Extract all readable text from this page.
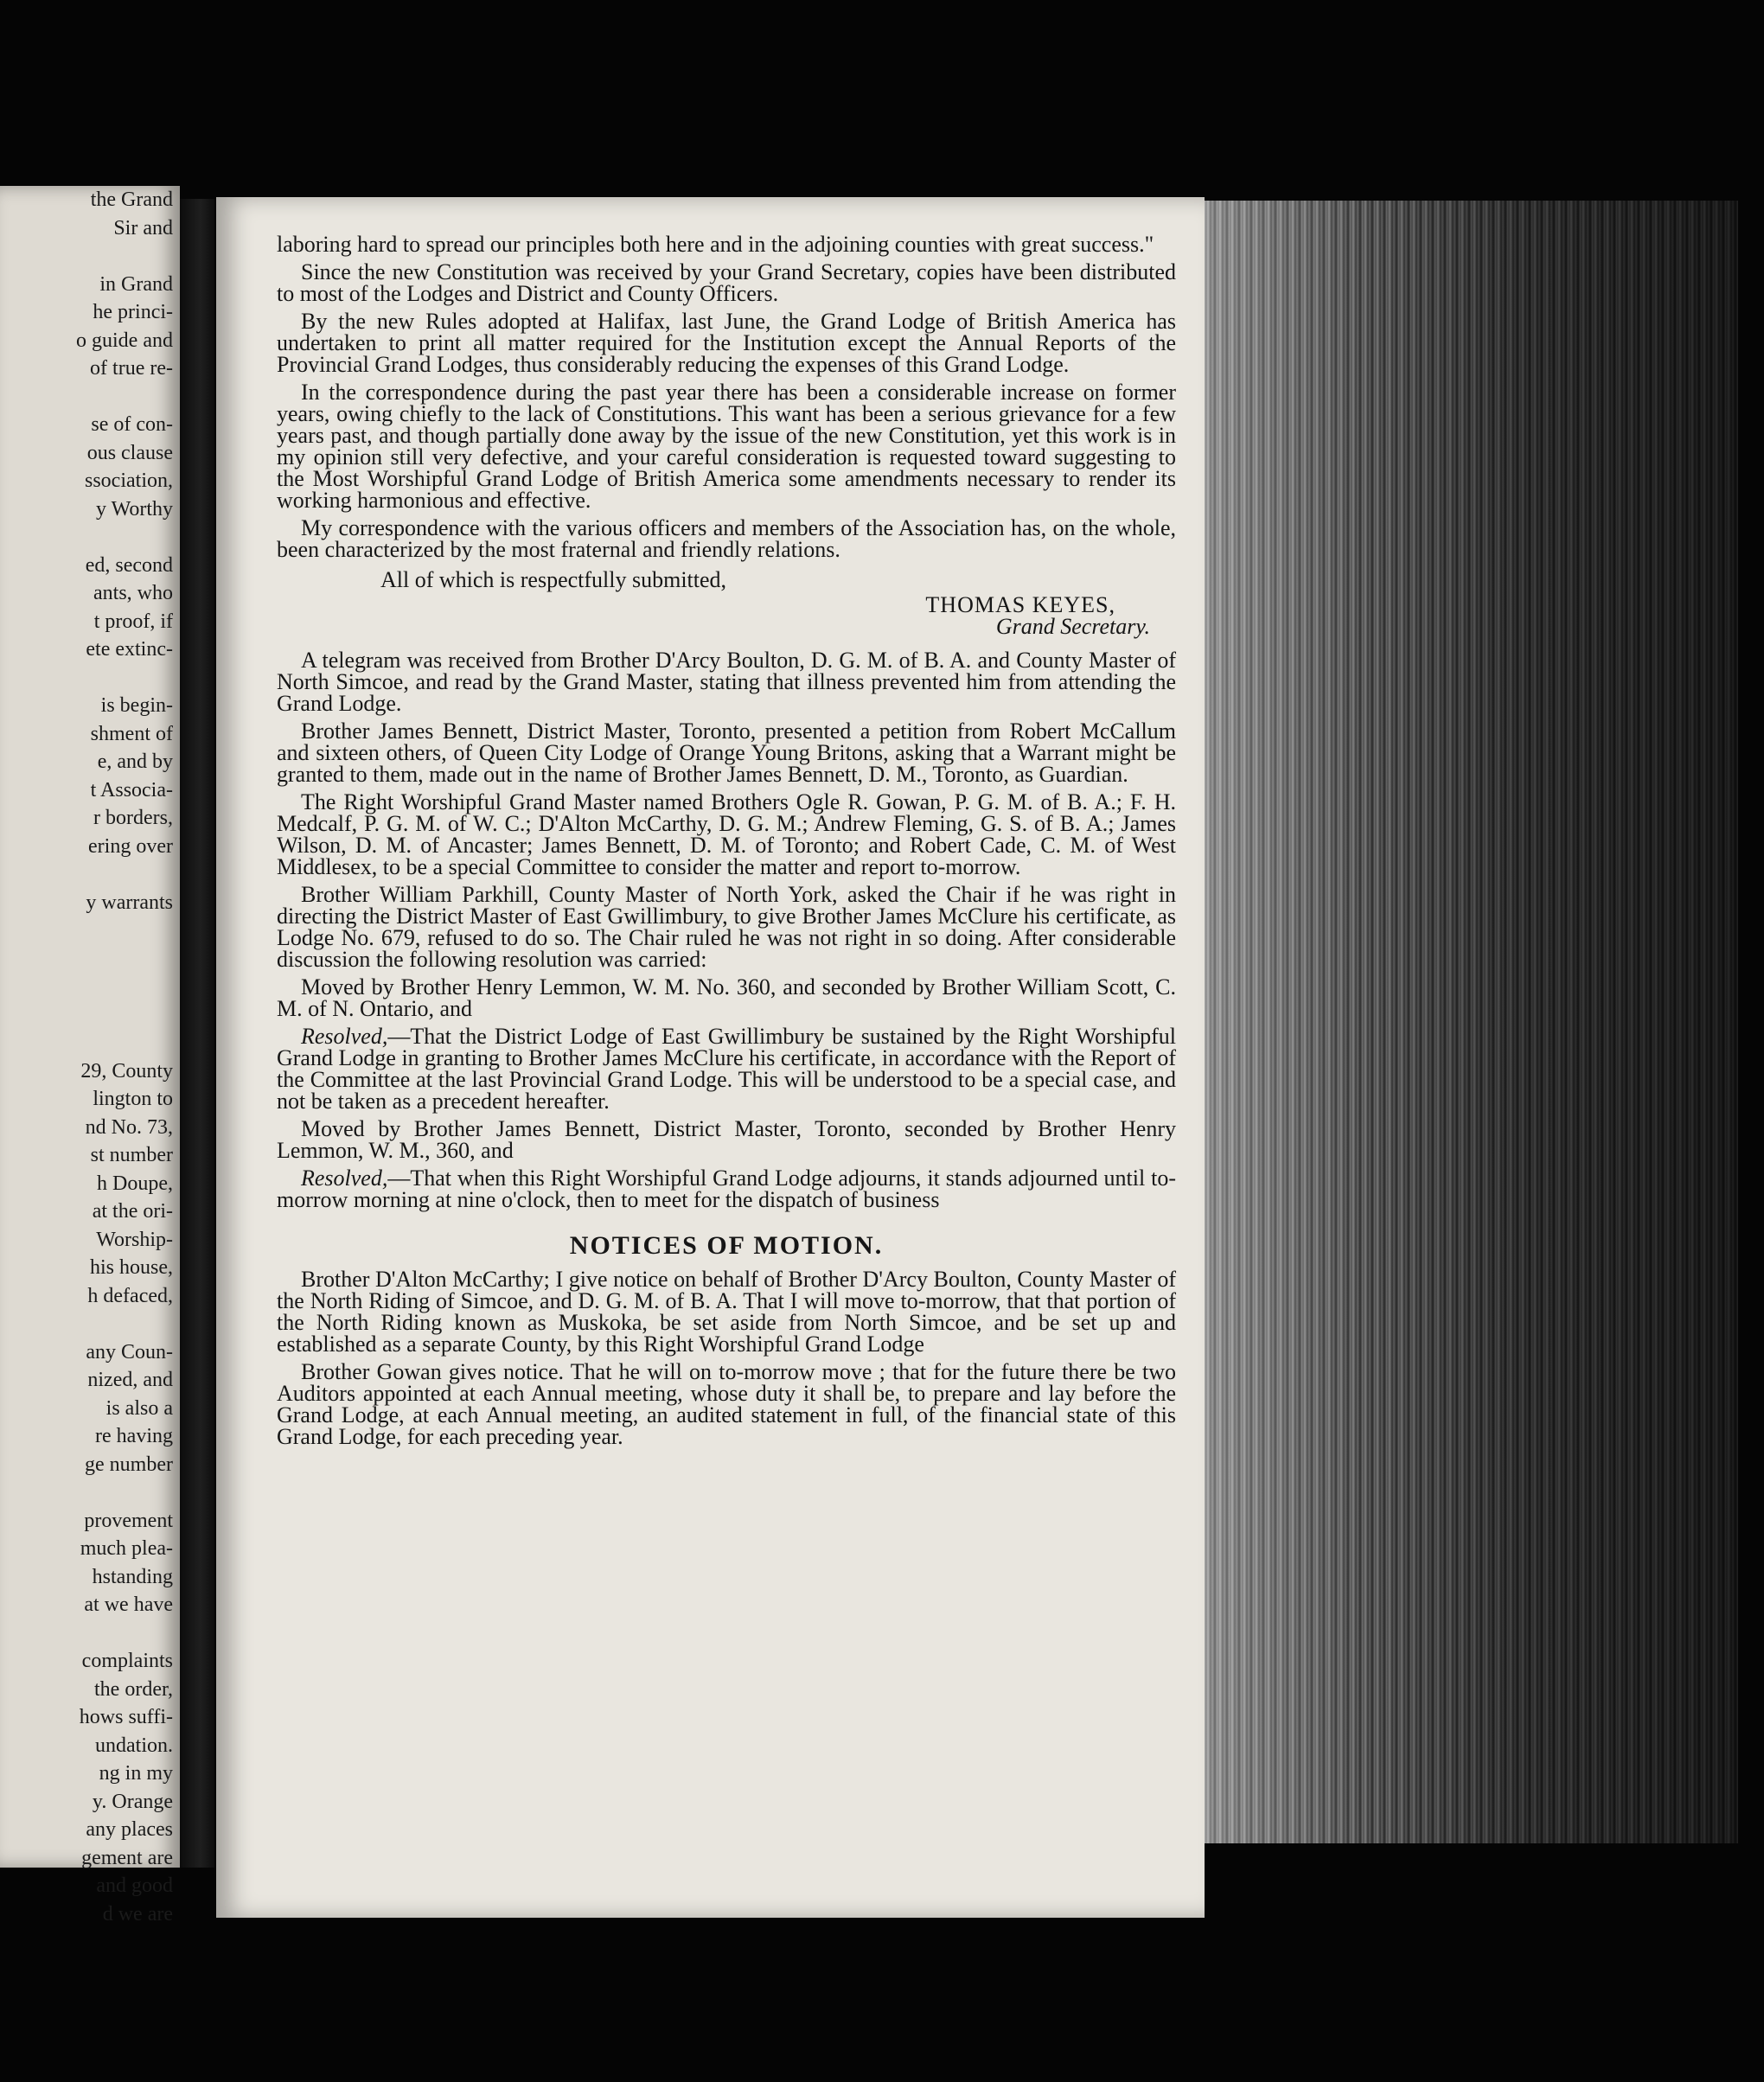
the Grand
Sir and
in Grand
he princi-
o guide and
of true re-
se of con-
ous clause
ssociation,
y Worthy
ed, second
ants, who
t proof, if
ete extinc-
is begin-
shment of
e, and by
t Associa-
r borders,
ering over
y warrants
29, County
lington to
nd No. 73,
st number
h Doupe,
at the ori-
Worship-
his house,
h defaced,
any Coun-
nized, and
is also a
re having
ge number
provement
much plea-
hstanding
at we have
complaints
the order,
hows suffi-
undation.
ng in my
y. Orange
any places
gement are
and good
d we are

laboring hard to spread our principles both here and in the adjoining counties with great success."

Since the new Constitution was received by your Grand Secretary, copies have been distributed to most of the Lodges and District and County Officers.

By the new Rules adopted at Halifax, last June, the Grand Lodge of British America has undertaken to print all matter required for the Institution except the Annual Reports of the Provincial Grand Lodges, thus considerably reducing the expenses of this Grand Lodge.

In the correspondence during the past year there has been a considerable increase on former years, owing chiefly to the lack of Constitutions. This want has been a serious grievance for a few years past, and though partially done away by the issue of the new Constitution, yet this work is in my opinion still very defective, and your careful consideration is requested toward suggesting to the Most Worshipful Grand Lodge of British America some amendments necessary to render its working harmonious and effective.

My correspondence with the various officers and members of the Association has, on the whole, been characterized by the most fraternal and friendly relations.

All of which is respectfully submitted,

THOMAS KEYES,

Grand Secretary.

A telegram was received from Brother D'Arcy Boulton, D. G. M. of B. A. and County Master of North Simcoe, and read by the Grand Master, stating that illness prevented him from attending the Grand Lodge.

Brother James Bennett, District Master, Toronto, presented a petition from Robert McCallum and sixteen others, of Queen City Lodge of Orange Young Britons, asking that a Warrant might be granted to them, made out in the name of Brother James Bennett, D. M., Toronto, as Guardian.

The Right Worshipful Grand Master named Brothers Ogle R. Gowan, P. G. M. of B. A.; F. H. Medcalf, P. G. M. of W. C.; D'Alton McCarthy, D. G. M.; Andrew Fleming, G. S. of B. A.; James Wilson, D. M. of Ancaster; James Bennett, D. M. of Toronto; and Robert Cade, C. M. of West Middlesex, to be a special Committee to consider the matter and report to-morrow.

Brother William Parkhill, County Master of North York, asked the Chair if he was right in directing the District Master of East Gwillimbury, to give Brother James McClure his certificate, as Lodge No. 679, refused to do so. The Chair ruled he was not right in so doing. After considerable discussion the following resolution was carried:

Moved by Brother Henry Lemmon, W. M. No. 360, and seconded by Brother William Scott, C. M. of N. Ontario, and

Resolved,—That the District Lodge of East Gwillimbury be sustained by the Right Worshipful Grand Lodge in granting to Brother James McClure his certificate, in accordance with the Report of the Committee at the last Provincial Grand Lodge. This will be understood to be a special case, and not be taken as a precedent hereafter.

Moved by Brother James Bennett, District Master, Toronto, seconded by Brother Henry Lemmon, W. M., 360, and

Resolved,—That when this Right Worshipful Grand Lodge adjourns, it stands adjourned until to-morrow morning at nine o'clock, then to meet for the dispatch of business

NOTICES OF MOTION.

Brother D'Alton McCarthy; I give notice on behalf of Brother D'Arcy Boulton, County Master of the North Riding of Simcoe, and D. G. M. of B. A. That I will move to-morrow, that that portion of the North Riding known as Muskoka, be set aside from North Simcoe, and be set up and established as a separate County, by this Right Worshipful Grand Lodge

Brother Gowan gives notice. That he will on to-morrow move ; that for the future there be two Auditors appointed at each Annual meeting, whose duty it shall be, to prepare and lay before the Grand Lodge, at each Annual meeting, an audited statement in full, of the financial state of this Grand Lodge, for each preceding year.
